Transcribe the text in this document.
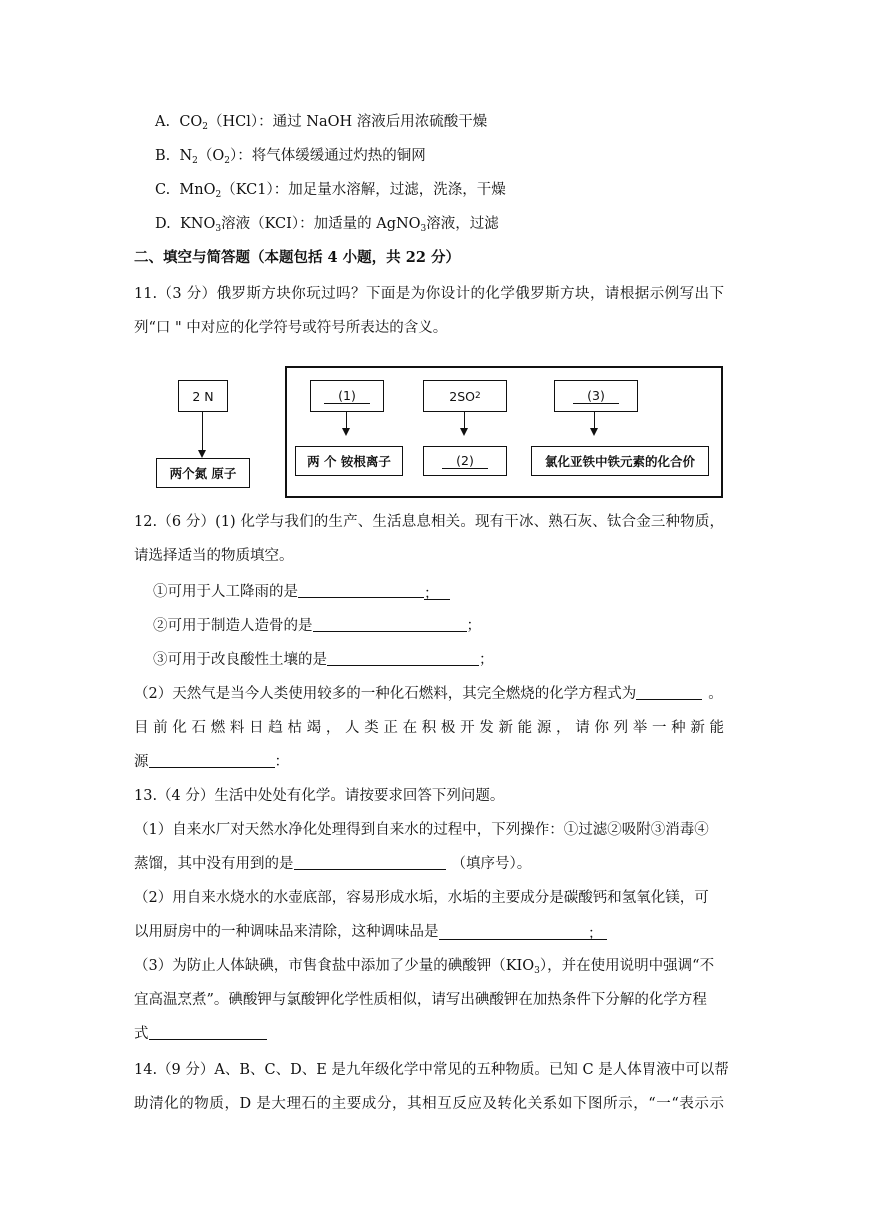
A. $CO_2(HCl)$：通过 NaOH 溶液后用浓硫酸干燥
B. $N_2(O_2)$：将气体缓缓通过灼热的铜网
C. MnO$_2$（KC1）：加足量水溶解，过滤，洗涤，干燥
D. $KNO_3$溶液（KCI）：加适量的 AgNO$_3$溶液，过滤
二、填空与简答题（本题包括 4 小题，共 22 分）
11.（3 分）俄罗斯方块你玩过吗？下面是为你设计的化学俄罗斯方块，请根据示例写出下
列“口 " 中对应的化学符号或符号所表达的含义。
2 N
两个氮 原子
(1)
两 个 铵根离子
2SO 2
(2)
(3)
氯化亚铁中铁元素的化合价
12.（6 分）(1) 化学与我们的生产、生活息息相关。现有干冰、熟石灰、钛合金三种物质，
请选择适当的物质填空。
①可用于人工降雨的是	；
②可用于制造人造骨的是	；
③可用于改良酸性土壤的是	；
（2）天然气是当今人类使用较多的一种化石燃料，其完全燃烧的化学方程式为	。
目前化石燃料日趋枯竭，人类正在积极开发新能源，请你列举一种新能
源	：
13.（4 分）生活中处处有化学。请按要求回答下列问题。
（1）自来水厂对天然水净化处理得到自来水的过程中，下列操作：①过滤②吸附③消毒④
蒸馏，其中没有用到的是	（填序号）。
（2）用自来水烧水的水壶底部，容易形成水垢，水垢的主要成分是碳酸钙和氢氧化镁，可
以用厨房中的一种调味品来清除，这种调味品是	；
（3）为防止人体缺碘，市售食盐中添加了少量的碘酸钾$(KIO_3)$，并在使用说明中强调“不
宜高温烹煮”。碘酸钾与氯酸钾化学性质相似，请写出碘酸钾在加热条件下分解的化学方程
式
14.（9 分）A、B、C、D、E 是九年级化学中常见的五种物质。已知 C 是人体胃液中可以帮
助清化的物质，D 是大理石的主要成分，其相互反应及转化关系如下图所示，“一“表示示
